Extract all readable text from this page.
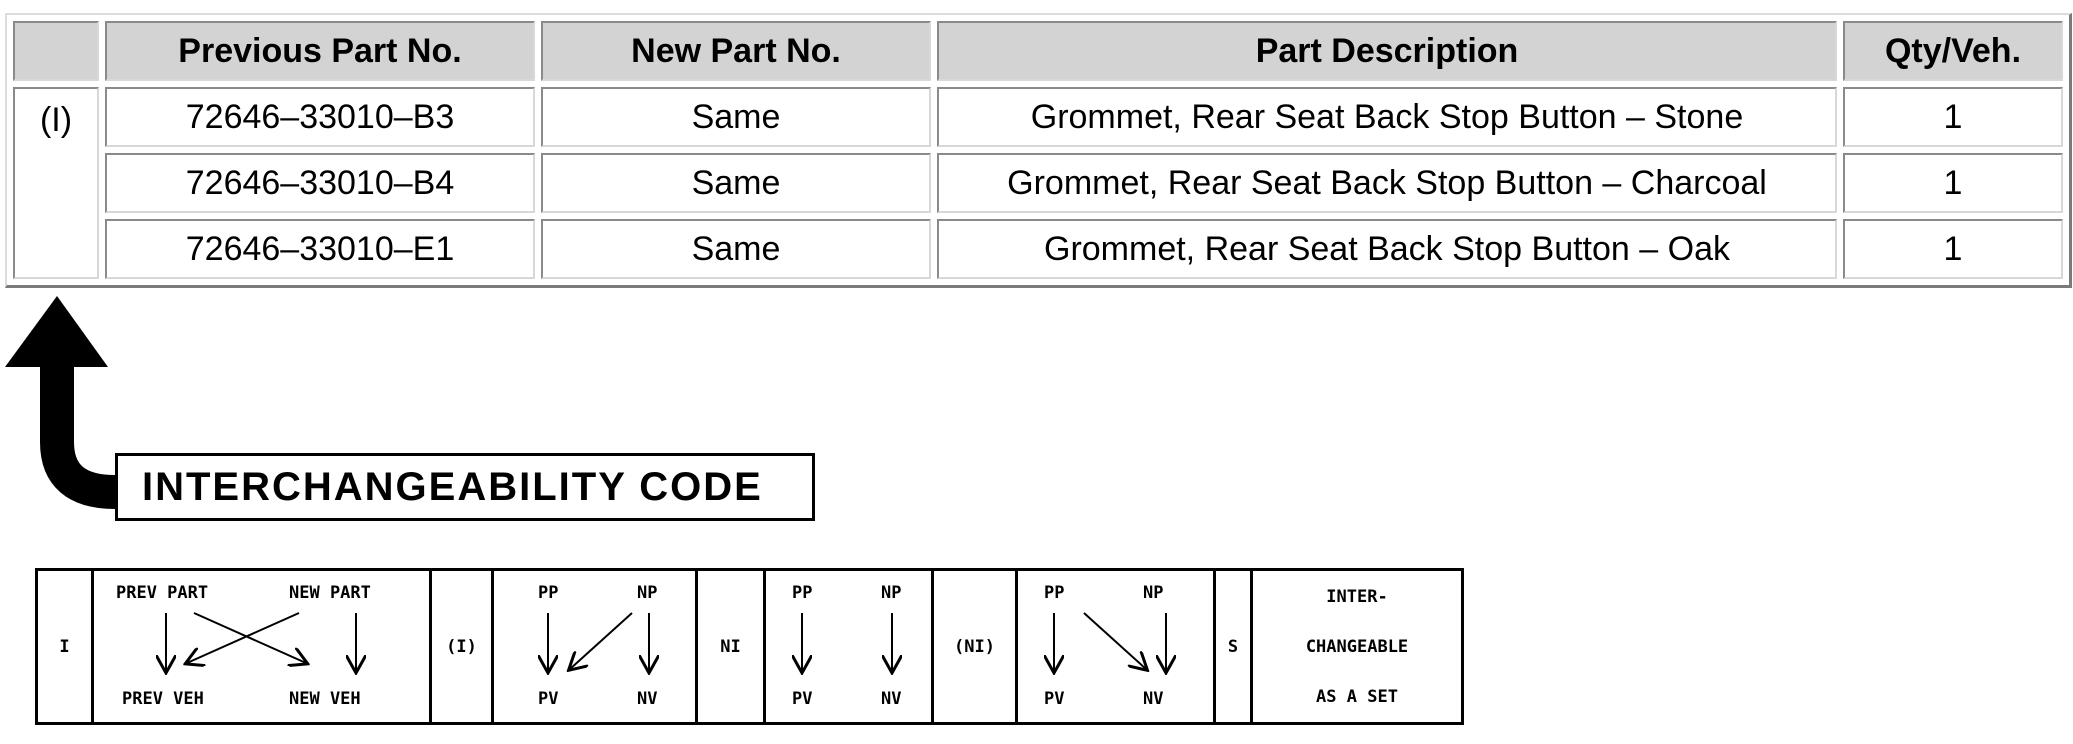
	Previous Part No.	New Part No.	Part Description	Qty/Veh.
(I)	72646–33010–B3	Same	Grommet, Rear Seat Back Stop Button – Stone	1
	72646–33010–B4	Same	Grommet, Rear Seat Back Stop Button – Charcoal	1
	72646–33010–E1	Same	Grommet, Rear Seat Back Stop Button – Oak	1
INTERCHANGEABILITY CODE
I	
PREV PART	NEW PART
PREV VEH	NEW VEH
	(I)	
PP	NP
PV	NV
	NI	
PP	NP
PV	NV
	(NI)	
PP	NP
PV	NV
	S	
INTER-
CHANGEABLE
AS A SET
